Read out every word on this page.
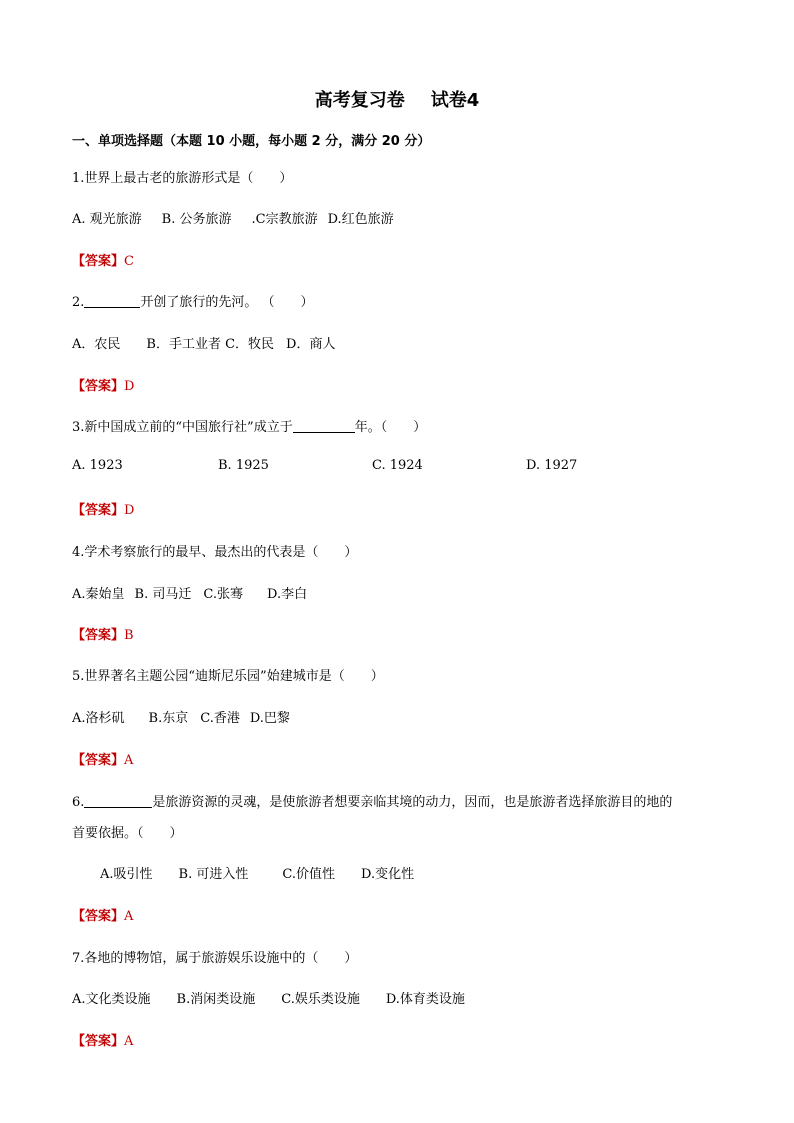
高考复习卷 试卷4
一、单项选择题（本题 10 小题，每小题 2 分，满分 20 分）
1.世界上最古老的旅游形式是（　　）
A. 观光旅游 B. 公务旅游 .C宗教旅游 D.红色旅游
【答案】C
2.	开创了旅行的先河。 （　　）
A．农民 B．手工业者 C．牧民 D．商人
【答案】D
3.新中国成立前的“中国旅行社”成立于	年。（　　）
A. 1923	B. 1925	C. 1924	D. 1927
【答案】D
4.学术考察旅行的最早、最杰出的代表是（　　）
A.秦始皇 B. 司马迁 C.张骞 D.李白
【答案】B
5.世界著名主题公园“迪斯尼乐园”始建城市是（　　）
A.洛杉矶 B.东京 C.香港 D.巴黎
【答案】A
6.	是旅游资源的灵魂，是使旅游者想要亲临其境的动力，因而，也是旅游者选择旅游目的地的
首要依据。（　　）
A.吸引性 B. 可进入性	C.价值性 D.变化性
【答案】A
7.各地的博物馆，属于旅游娱乐设施中的（　　）
A.文化类设施 B.消闲类设施 C.娱乐类设施 D.体育类设施
【答案】A
